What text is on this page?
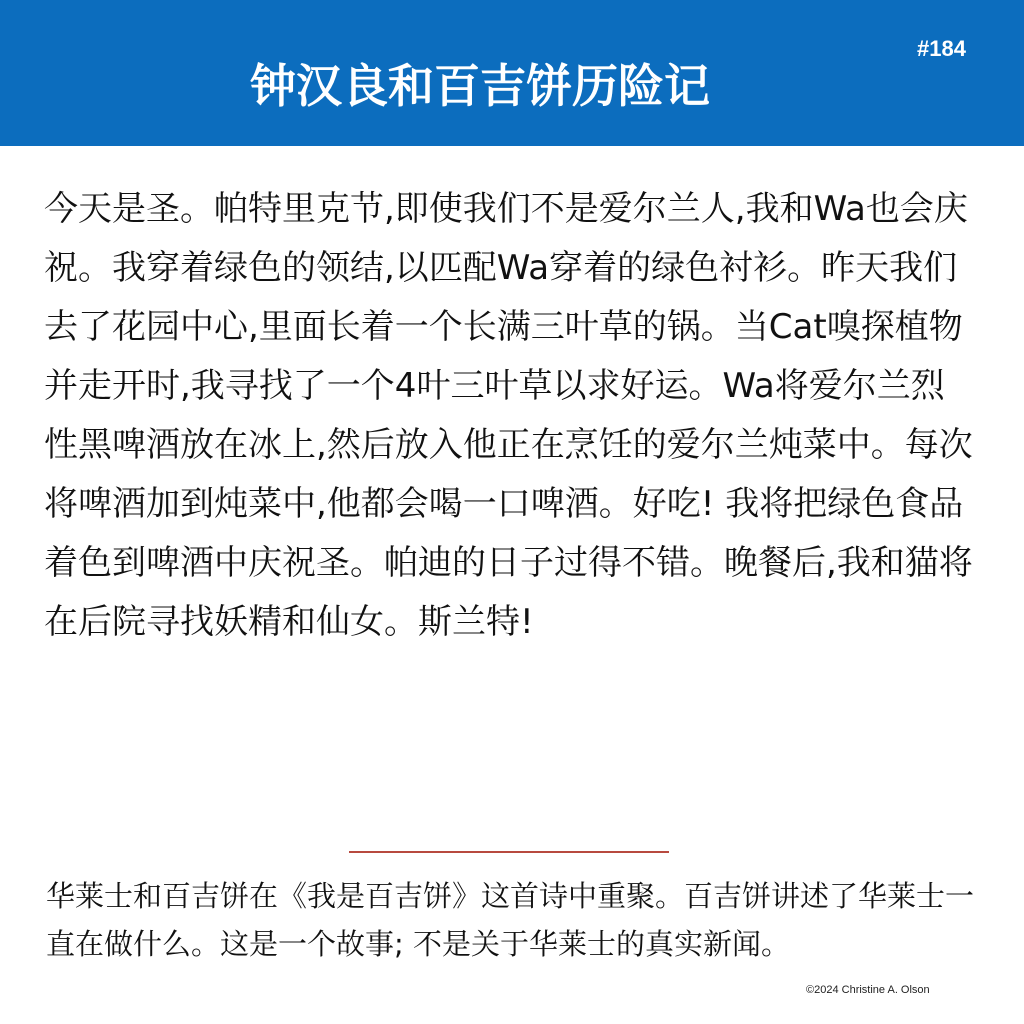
钟汉良和百吉饼历险记
#184

今天是圣。帕特里克节,即使我们不是爱尔兰人,我和Wa也会庆祝。我穿着绿色的领结,以匹配Wa穿着的绿色衬衫。昨天我们去了花园中心,里面长着一个长满三叶草的锅。当Cat嗅探植物并走开时,我寻找了一个4叶三叶草以求好运。Wa将爱尔兰烈性黑啤酒放在冰上,然后放入他正在烹饪的爱尔兰炖菜中。每次将啤酒加到炖菜中,他都会喝一口啤酒。好吃! 我将把绿色食品着色到啤酒中庆祝圣。帕迪的日子过得不错。晚餐后,我和猫将在后院寻找妖精和仙女。斯兰特!

华莱士和百吉饼在《我是百吉饼》这首诗中重聚。百吉饼讲述了华莱士一直在做什么。这是一个故事; 不是关于华莱士的真实新闻。

©2024 Christine A. Olson
